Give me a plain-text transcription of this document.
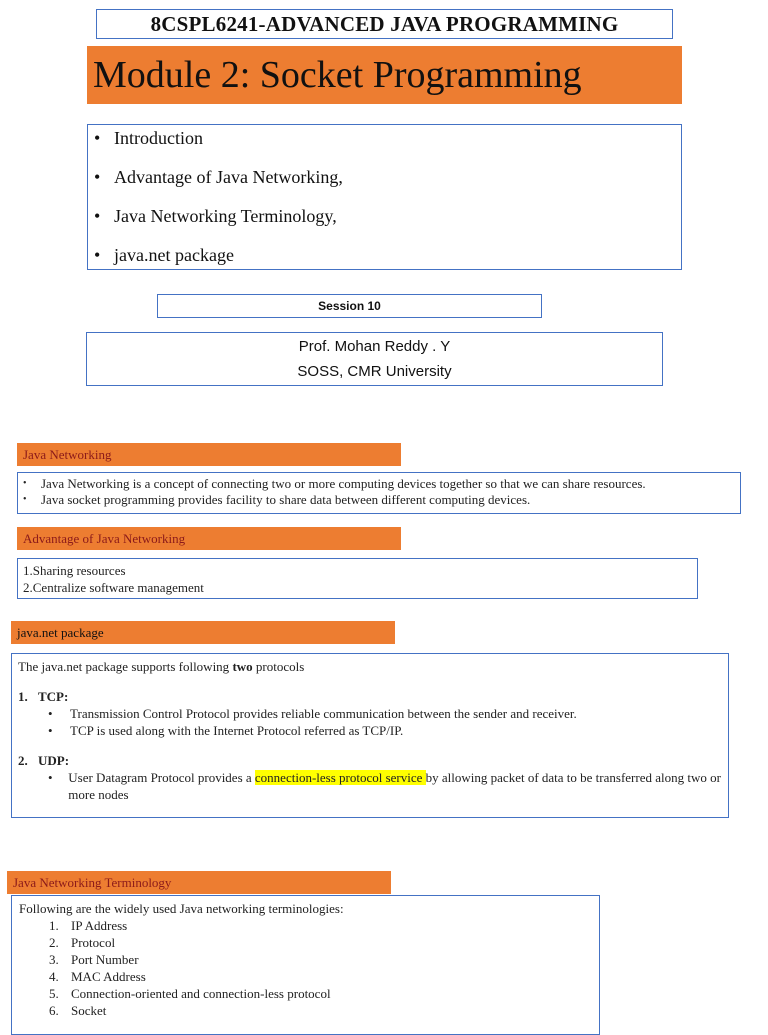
8CSPL6241-ADVANCED JAVA PROGRAMMING
Module 2: Socket Programming
• Introduction
• Advantage of Java Networking,
• Java Networking Terminology,
• java.net package
Session 10
Prof. Mohan Reddy . Y
SOSS, CMR University
Java Networking
•	Java Networking is a concept of connecting two or more computing devices together so that we can share resources.
•	Java socket programming provides facility to share data between different computing devices.
Advantage of Java Networking
1.Sharing resources
2.Centralize software management
java.net package
The java.net package supports following two protocols
1. TCP:
•	Transmission Control Protocol provides reliable communication between the sender and receiver.
•	TCP is used along with the Internet Protocol referred as TCP/IP.
2. UDP:
•	User Datagram Protocol provides a connection-less protocol service by allowing packet of data to be transferred along two or more nodes
Java Networking Terminology
Following are the widely used Java networking terminologies:
1. IP Address
2. Protocol
3. Port Number
4. MAC Address
5. Connection-oriented and connection-less protocol
6. Socket
